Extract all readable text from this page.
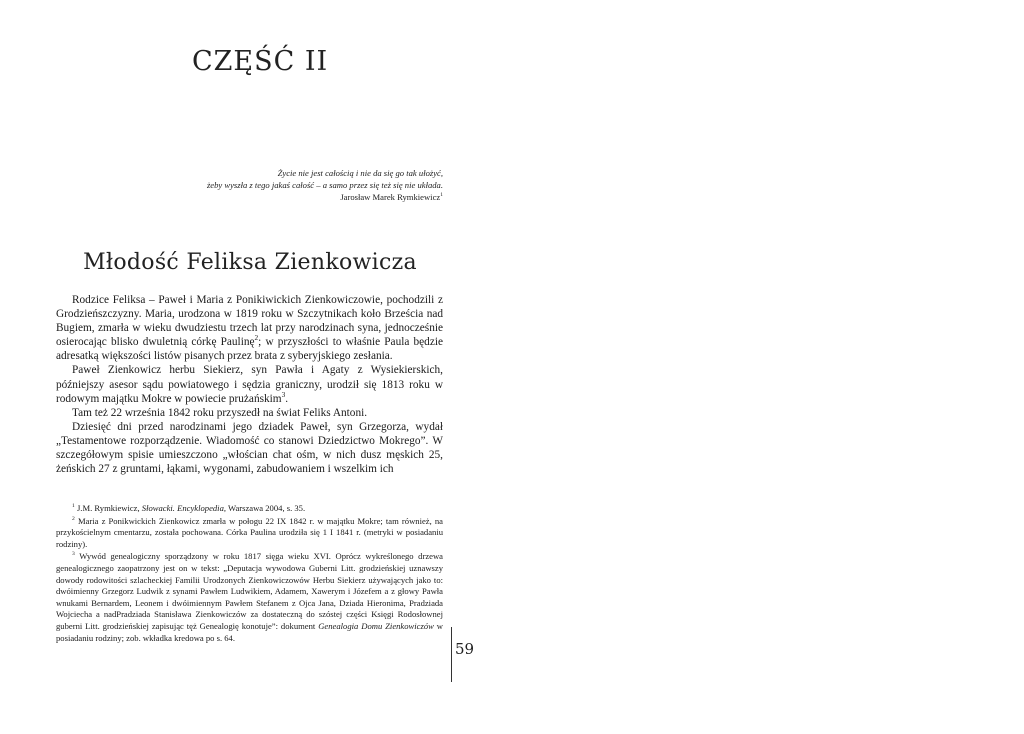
CZĘŚĆ II
Życie nie jest całością i nie da się go tak ułożyć,
żeby wyszła z tego jakaś całość – a samo przez się też się nie układa.
Jarosław Marek Rymkiewicz$^1$
Młodość Feliksa Zienkowicza

Rodzice Feliksa – Paweł i Maria z Ponikiwickich Zienkowiczowie, pochodzili z Grodzieńszczyzny. Maria, urodzona w 1819 roku w Szczytnikach koło Brześcia nad Bugiem, zmarła w wieku dwudziestu trzech lat przy narodzinach syna, jednocześnie osierocając blisko dwuletnią córkę Paulinę$^2$; w przyszłości to właśnie Paula będzie adresatką większości listów pisanych przez brata z syberyjskiego zesłania.

Paweł Zienkowicz herbu Siekierz, syn Pawła i Agaty z Wysiekierskich, późniejszy asesor sądu powiatowego i sędzia graniczny, urodził się 1813 roku w rodowym majątku Mokre w powiecie prużańskim$^3$.

Tam też 22 września 1842 roku przyszedł na świat Feliks Antoni.

Dziesięć dni przed narodzinami jego dziadek Paweł, syn Grzegorza, wydał „Testamentowe rozporządzenie. Wiadomość co stanowi Dziedzictwo Mokrego”. W szczegółowym spisie umieszczono „włościan chat ośm, w nich dusz męskich 25, żeńskich 27 z gruntami, łąkami, wygonami, zabudowaniem i wszelkim ich

$^1$ J.M. Rymkiewicz, Słowacki. Encyklopedia, Warszawa 2004, s. 35.

$^2$ Maria z Ponikwickich Zienkowicz zmarła w połogu 22 IX 1842 r. w majątku Mokre; tam również, na przykościelnym cmentarzu, została pochowana. Córka Paulina urodziła się 1 I 1841 r. (metryki w posiadaniu rodziny).

$^3$ Wywód genealogiczny sporządzony w roku 1817 sięga wieku XVI. Oprócz wykreślonego drzewa genealogicznego zaopatrzony jest on w tekst: „Deputacja wywodowa Guberni Litt. grodzieńskiej uznawszy dowody rodowitości szlacheckiej Familii Urodzonych Zienkowiczowów Herbu Siekierz używających jako to: dwóimienny Grzegorz Ludwik z synami Pawłem Ludwikiem, Adamem, Xawerym i Józefem a z głowy Pawła wnukami Bernardem, Leonem i dwóimiennym Pawłem Stefanem z Ojca Jana, Dziada Hieronima, Pradziada Wojciecha a nadPradziada Stanisława Zienkowiczów za dostateczną do szóstej części Księgi Rodosłownej guberni Litt. grodzieńskiej zapisując tęż Genealogię konotuje”: dokument Genealogia Domu Zienkowiczów w posiadaniu rodziny; zob. wkładka kredowa po s. 64.

59
